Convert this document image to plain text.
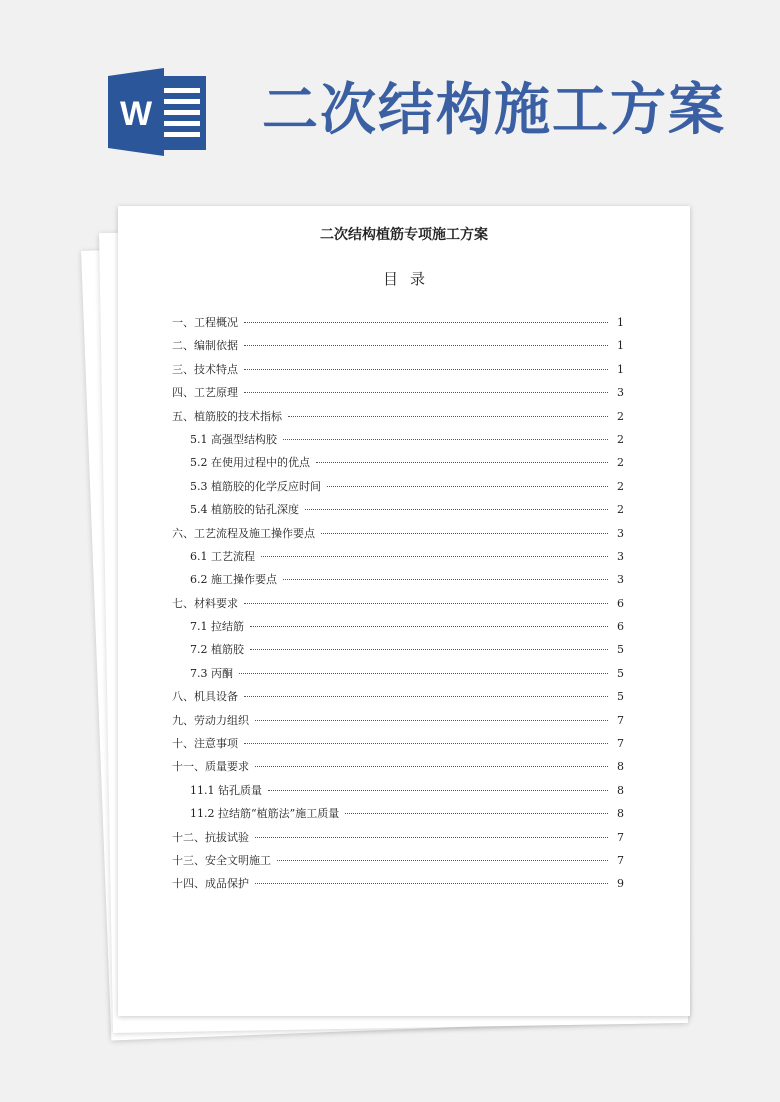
W 二次结构施工方案
二次结构植筋专项施工方案
目录
一、工程概况	1
二、编制依据	1
三、技术特点	1
四、工艺原理	3
五、植筋胶的技术指标	2
5.1 高强型结构胶	2
5.2 在使用过程中的优点	2
5.3 植筋胶的化学反应时间	2
5.4 植筋胶的钻孔深度	2
六、工艺流程及施工操作要点	3
6.1 工艺流程	3
6.2 施工操作要点	3
七、材料要求	6
7.1 拉结筋	6
7.2 植筋胶	5
7.3 丙酮	5
八、机具设备	5
九、劳动力组织	7
十、注意事项	7
十一、质量要求	8
11.1 钻孔质量	8
11.2 拉结筋“植筋法”施工质量	8
十二、抗拔试验	7
十三、安全文明施工	7
十四、成品保护	9
